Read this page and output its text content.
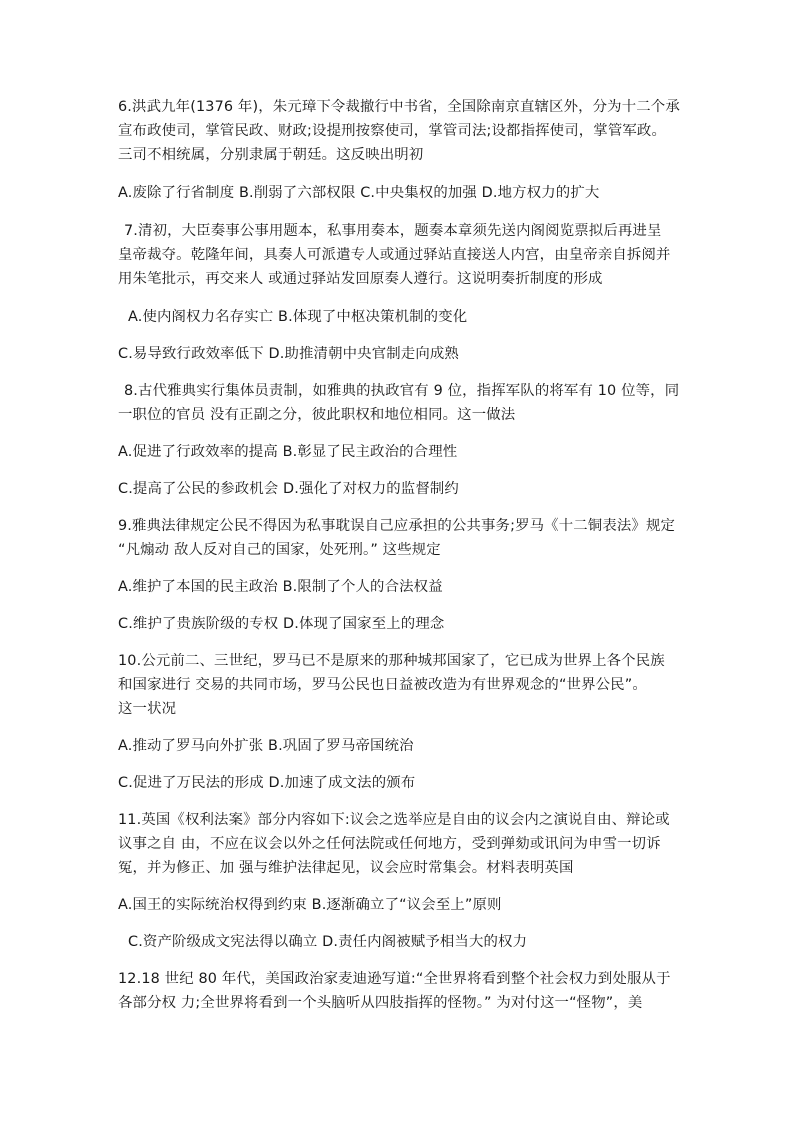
6.洪武九年(1376 年)，朱元璋下令裁撤行中书省，全国除南京直辖区外，分为十二个承

宣布政使司，掌管民政、财政;设提刑按察使司，掌管司法;设都指挥使司，掌管军政。

三司不相统属，分别隶属于朝廷。这反映出明初

A.废除了行省制度 B.削弱了六部权限 C.中央集权的加强 D.地方权力的扩大

7.清初，大臣奏事公事用题本，私事用奏本，题奏本章须先送内阁阅览票拟后再进呈

皇帝裁夺。乾隆年间，具奏人可派遣专人或通过驿站直接送人内宫，由皇帝亲自拆阅并

用朱笔批示，再交来人 或通过驿站发回原奏人遵行。这说明奏折制度的形成

A.使内阁权力名存实亡 B.体现了中枢决策机制的变化

C.易导致行政效率低下 D.助推清朝中央官制走向成熟

8.古代雅典实行集体员责制，如雅典的执政官有 9 位，指挥军队的将军有 10 位等，同

一职位的官员 没有正副之分，彼此职权和地位相同。这一做法

A.促进了行政效率的提高 B.彰显了民主政治的合理性

C.提高了公民的参政机会 D.强化了对权力的监督制约

9.雅典法律规定公民不得因为私事耽误自己应承担的公共事务;罗马《十二铜表法》规定

“凡煽动 敌人反对自己的国家，处死刑。” 这些规定

A.维护了本国的民主政治 B.限制了个人的合法权益

C.维护了贵族阶级的专权 D.体现了国家至上的理念

10.公元前二、三世纪，罗马已不是原来的那种城邦国家了，它已成为世界上各个民族

和国家进行 交易的共同市场，罗马公民也日益被改造为有世界观念的“世界公民”。

这一状况

A.推动了罗马向外扩张 B.巩固了罗马帝国统治

C.促进了万民法的形成 D.加速了成文法的颁布

11.英国《权利法案》部分内容如下:议会之选举应是自由的议会内之演说自由、辩论或

议事之自 由，不应在议会以外之任何法院或任何地方，受到弹劾或讯问为申雪一切诉

冤，并为修正、加 强与维护法律起见，议会应时常集会。材料表明英国

A.国王的实际统治权得到约束 B.逐渐确立了“议会至上”原则

C.资产阶级成文宪法得以确立 D.责任内阁被赋予相当大的权力

12.18 世纪 80 年代，美国政治家麦迪逊写道:“全世界将看到整个社会权力到处服从于

各部分权 力;全世界将看到一个头脑听从四肢指挥的怪物。” 为对付这一“怪物”，美
